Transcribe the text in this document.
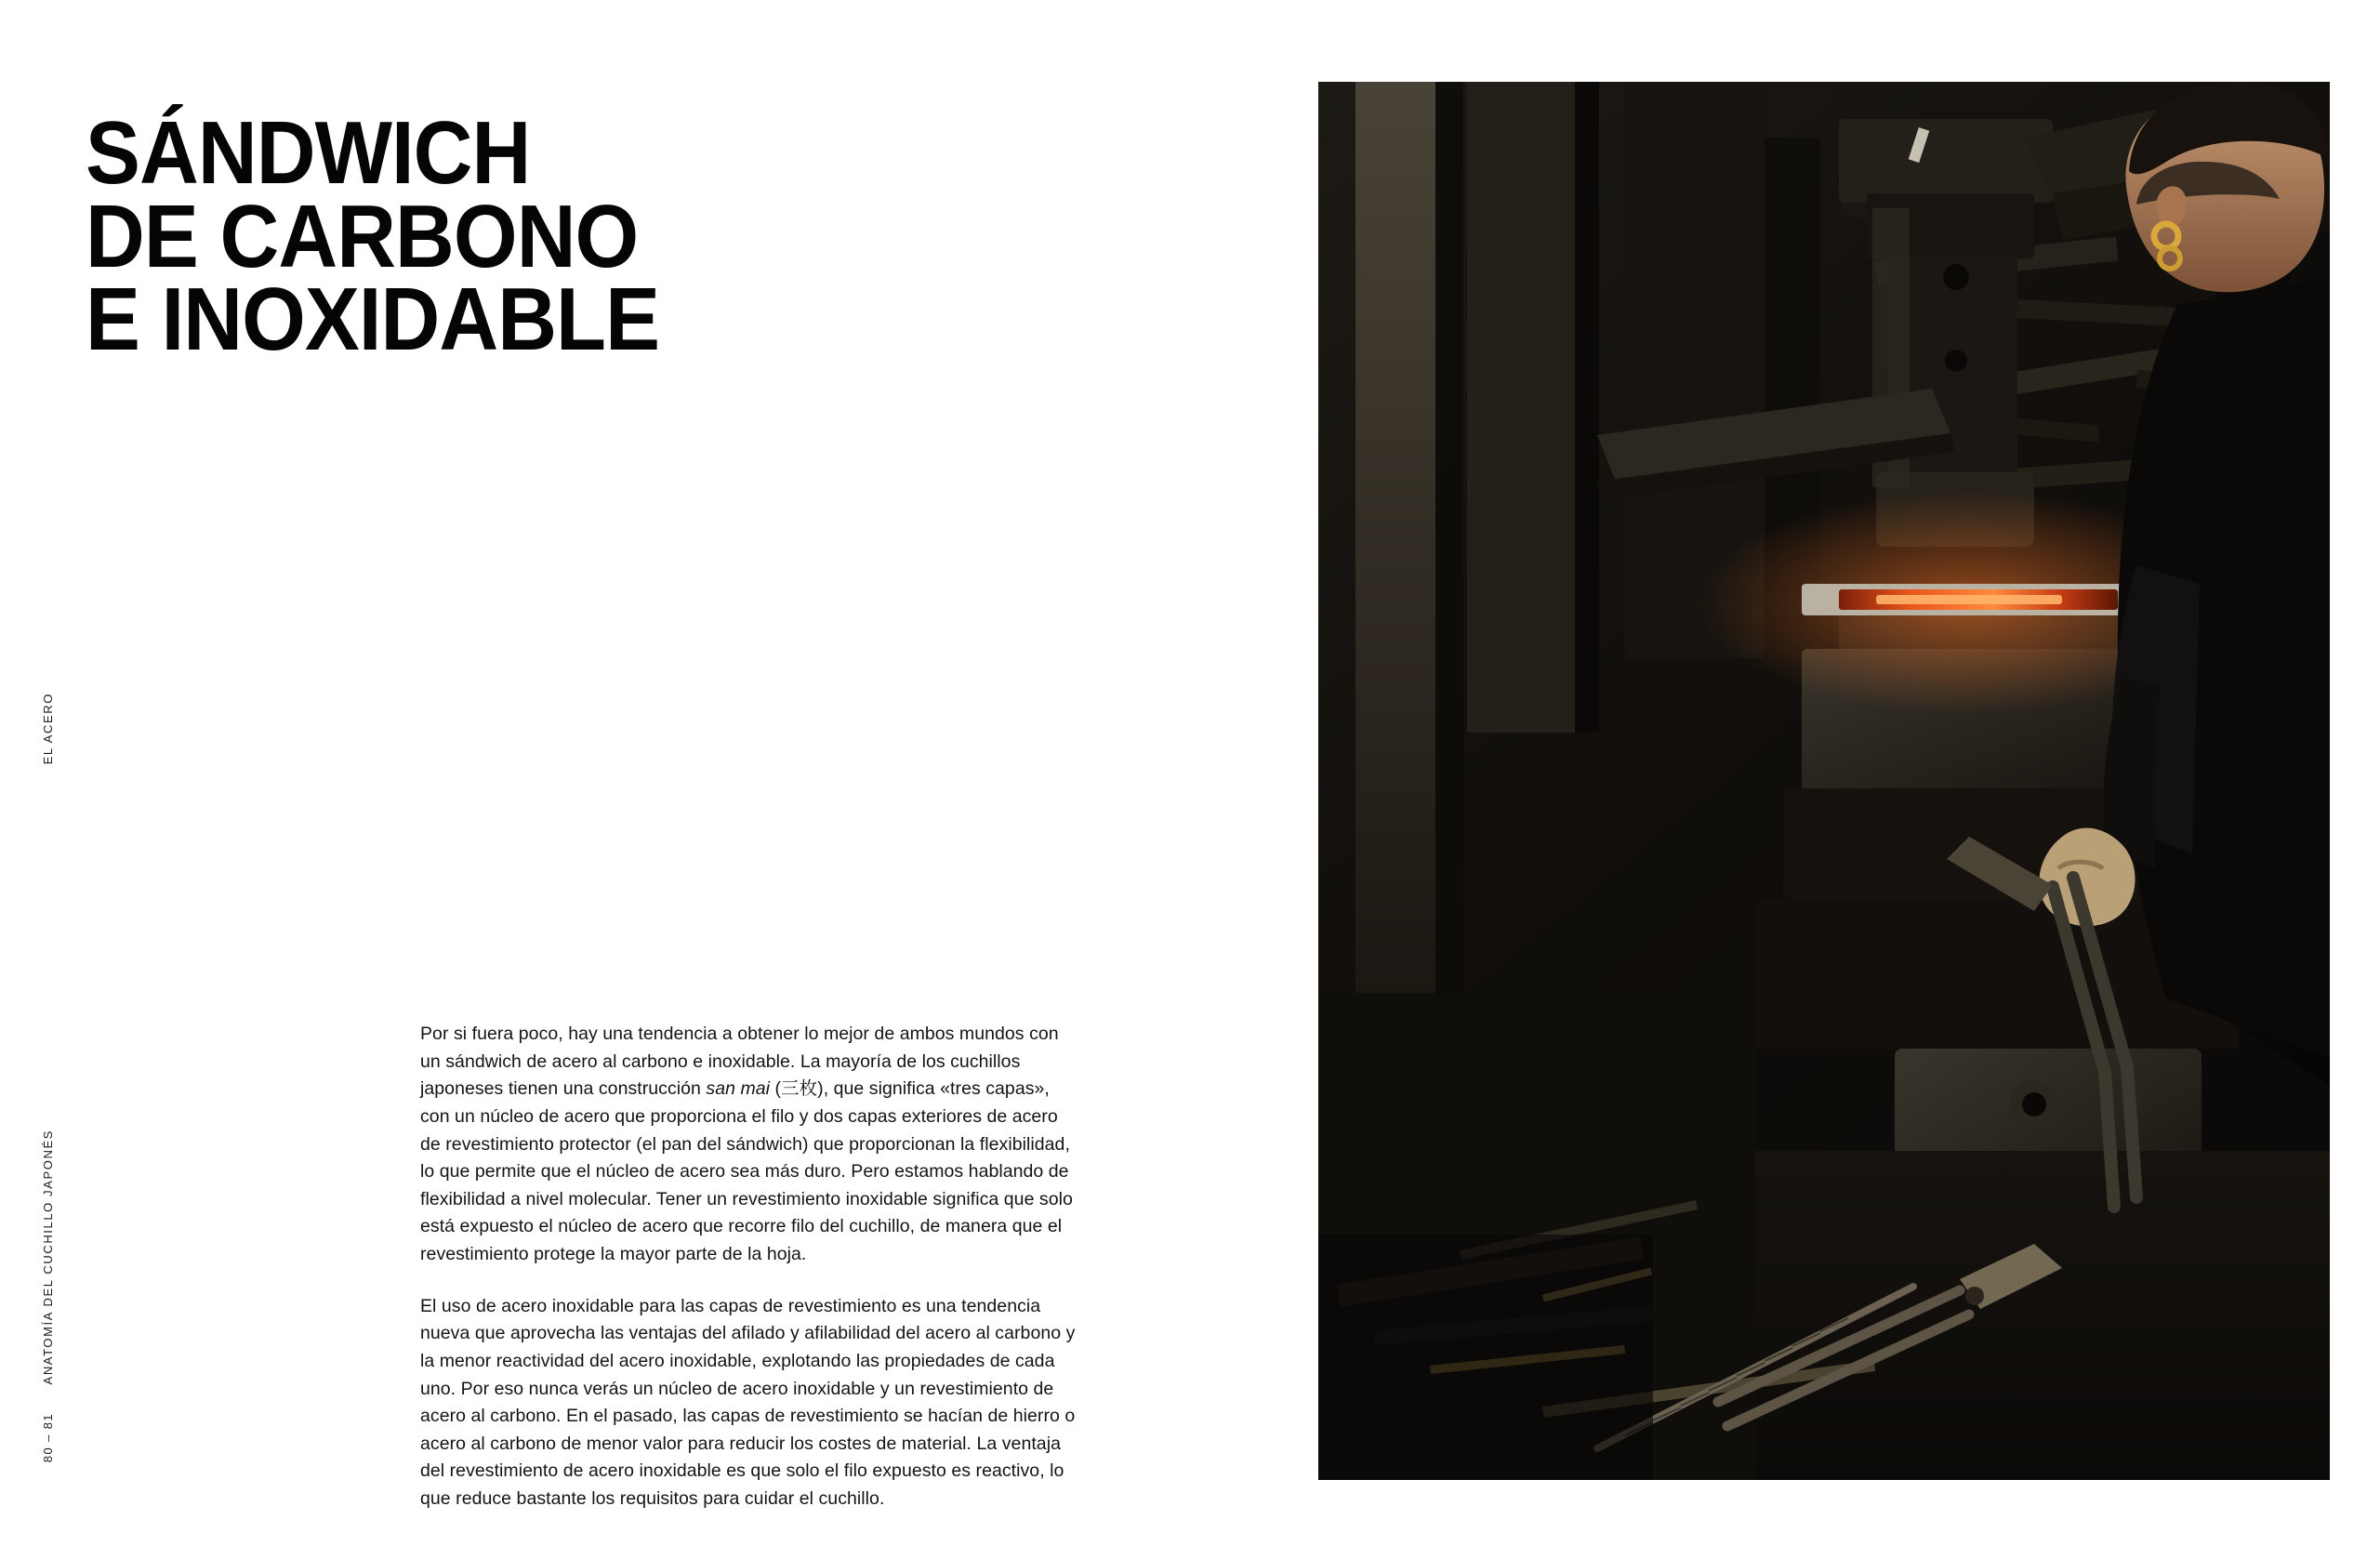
EL ACERO
ANATOMÍA DEL CUCHILLO JAPONÉS
80 – 81
SÁNDWICH
DE CARBONO
E INOXIDABLE

Por si fuera poco, hay una tendencia a obtener lo mejor de ambos mundos con un sándwich de acero al carbono e inoxidable. La mayoría de los cuchillos japoneses tienen una construcción san mai (三枚), que significa «tres capas», con un núcleo de acero que proporciona el filo y dos capas exteriores de acero de revestimiento protector (el pan del sándwich) que proporcionan la flexibilidad, lo que permite que el núcleo de acero sea más duro. Pero estamos hablando de flexibilidad a nivel molecular. Tener un revestimiento inoxidable significa que solo está expuesto el núcleo de acero que recorre filo del cuchillo, de manera que el revestimiento protege la mayor parte de la hoja.

El uso de acero inoxidable para las capas de revestimiento es una tendencia nueva que aprovecha las ventajas del afilado y afilabilidad del acero al carbono y la menor reactividad del acero inoxidable, explotando las propiedades de cada uno. Por eso nunca verás un núcleo de acero inoxidable y un revestimiento de acero al carbono. En el pasado, las capas de revestimiento se hacían de hierro o acero al carbono de menor valor para reducir los costes de material. La ventaja del revestimiento de acero inoxidable es que solo el filo expuesto es reactivo, lo que reduce bastante los requisitos para cuidar el cuchillo.
